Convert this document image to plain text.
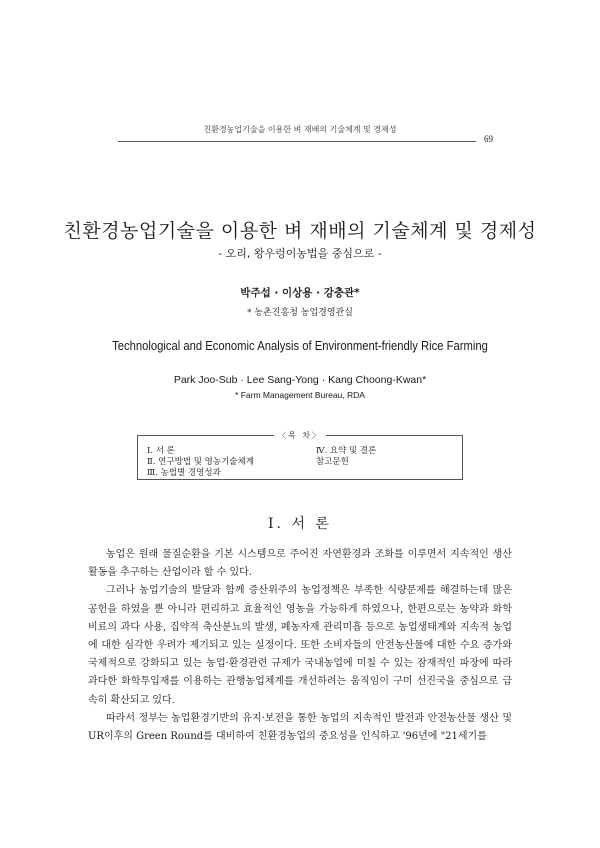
친환경농업기술을 이용한 벼 재배의 기술체계 및 경제성
69
친환경농업기술을 이용한 벼 재배의 기술체계 및 경제성
- 오리, 왕우렁이농법을 중심으로 -
박주섭 · 이상용 · 강충관*
* 농촌진흥청 농업경영관실
Technological and Economic Analysis of Environment-friendly Rice Farming
Park Joo-Sub · Lee Sang-Yong · Kang Choong-Kwan*
* Farm Management Bureau, RDA
〈목 차〉
Ⅰ. 서 론
Ⅱ. 연구방법 및 영농기술체계
Ⅲ. 농법별 경영성과
Ⅳ. 요약 및 결론
참고문헌
Ⅰ. 서 론

농업은 원래 물질순환을 기본 시스템으로 주어진 자연환경과 조화를 이루면서 지속적인 생산활동을 추구하는 산업이라 할 수 있다.

그러나 농업기술의 발달과 함께 증산위주의 농업정책은 부족한 식량문제를 해결하는데 많은 공헌을 하였을 뿐 아니라 편리하고 효율적인 영농을 가능하게 하였으나, 한편으로는 농약과 화학비료의 과다 사용, 집약적 축산분뇨의 발생, 폐농자재 관리미흡 등으로 농업생태계와 지속적 농업에 대한 심각한 우려가 제기되고 있는 실정이다. 또한 소비자들의 안전농산물에 대한 수요 증가와 국제적으로 강화되고 있는 농업·환경관련 규제가 국내농업에 미칠 수 있는 잠재적인 파장에 따라 과다한 화학투입재를 이용하는 관행농업체계를 개선하려는 움직임이 구미 선진국을 중심으로 급속히 확산되고 있다.

따라서 정부는 농업환경기반의 유지·보전을 통한 농업의 지속적인 발전과 안전농산물 생산 및 UR이후의 Green Round를 대비하여 친환경농업의 중요성을 인식하고 '96년에 "21세기를
